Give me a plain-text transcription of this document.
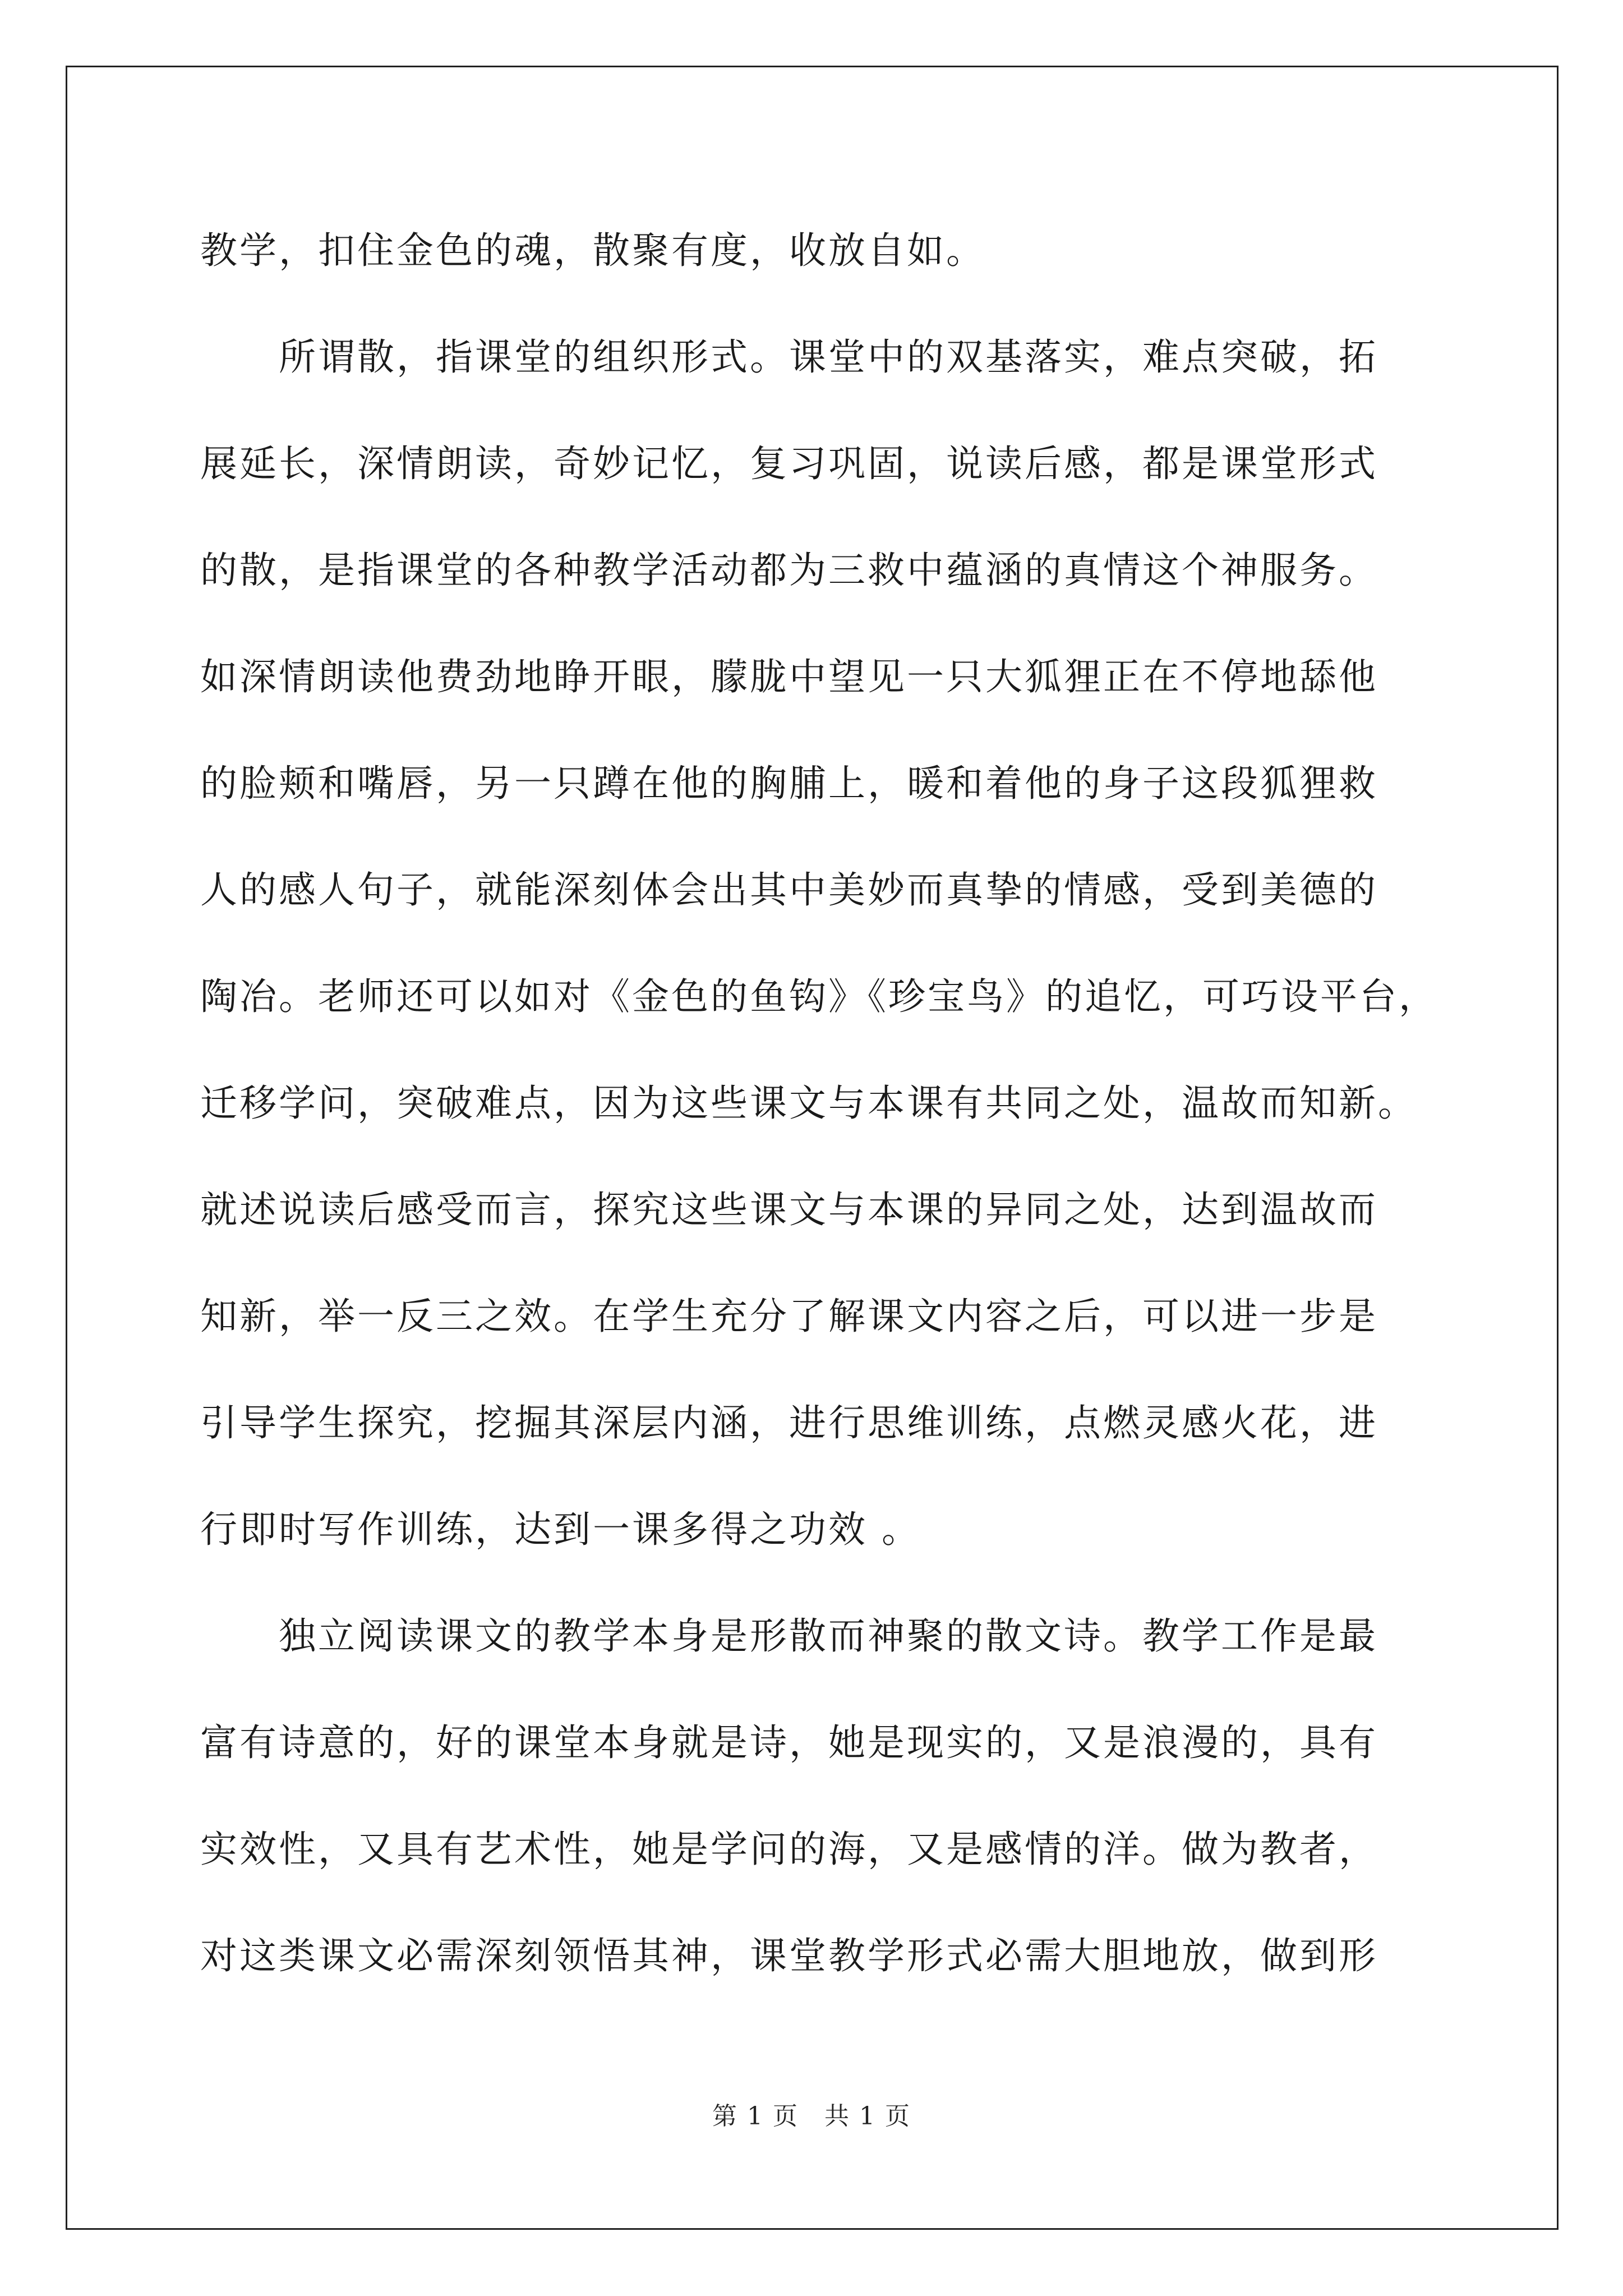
教学，扣住金色的魂，散聚有度，收放自如。
所谓散，指课堂的组织形式。课堂中的双基落实，难点突破，拓
展延长，深情朗读，奇妙记忆，复习巩固，说读后感，都是课堂形式
的散，是指课堂的各种教学活动都为三救中蕴涵的真情这个神服务。
如深情朗读他费劲地睁开眼，朦胧中望见一只大狐狸正在不停地舔他
的脸颊和嘴唇，另一只蹲在他的胸脯上，暖和着他的身子这段狐狸救
人的感人句子，就能深刻体会出其中美妙而真挚的情感，受到美德的
陶冶。老师还可以如对《金色的鱼钩》《珍宝鸟》的追忆，可巧设平台，
迁移学问，突破难点，因为这些课文与本课有共同之处，温故而知新。
就述说读后感受而言，探究这些课文与本课的异同之处，达到温故而
知新，举一反三之效。在学生充分了解课文内容之后，可以进一步是
引导学生探究，挖掘其深层内涵，进行思维训练，点燃灵感火花，进
行即时写作训练，达到一课多得之功效 。
独立阅读课文的教学本身是形散而神聚的散文诗。教学工作是最
富有诗意的，好的课堂本身就是诗，她是现实的，又是浪漫的，具有
实效性，又具有艺术性，她是学问的海，又是感情的洋。做为教者，
对这类课文必需深刻领悟其神，课堂教学形式必需大胆地放，做到形
第 1 页　共 1 页
